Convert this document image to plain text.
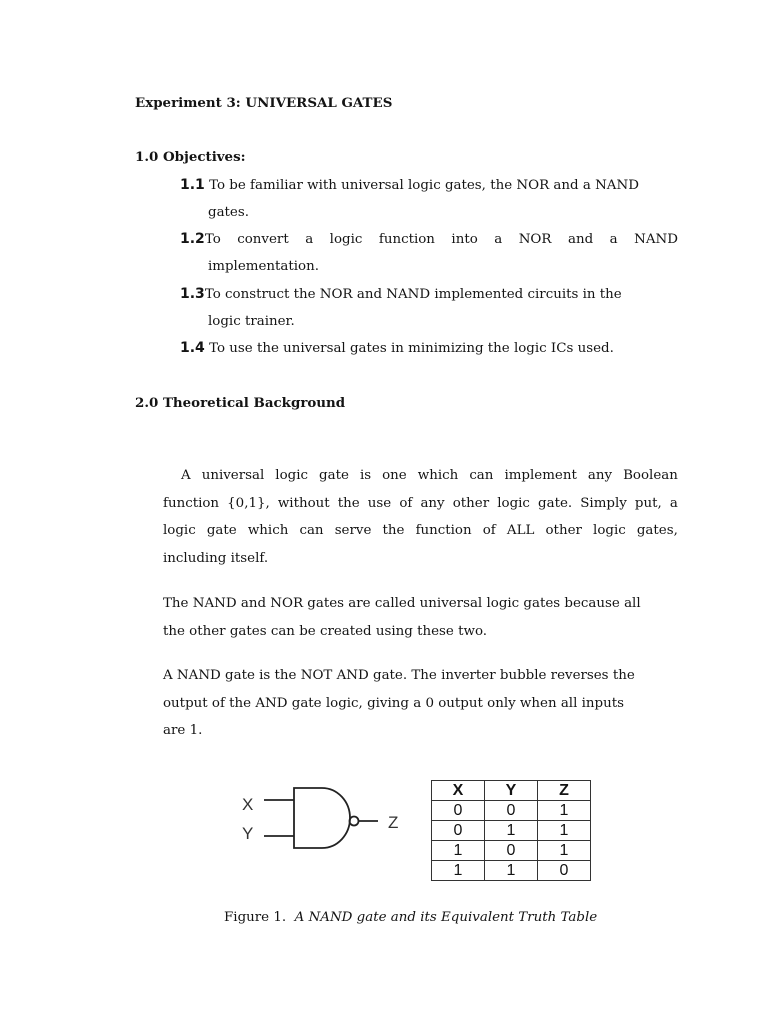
Experiment 3: UNIVERSAL GATES
1.0 Objectives:
1.1 To be familiar with universal logic gates, the NOR and a NAND
gates.
1.2To convert a logic function into a NOR and a NAND
implementation.
1.3To construct the NOR and NAND implemented circuits in the
logic trainer.
1.4 To use the universal gates in minimizing the logic ICs used.
2.0 Theoretical Background
A universal logic gate is one which can implement any Boolean
function {0,1}, without the use of any other logic gate. Simply put, a
logic gate which can serve the function of ALL other logic gates,
including itself.
The NAND and NOR gates are called universal logic gates because all
the other gates can be created using these two.
A NAND gate is the NOT AND gate. The inverter bubble reverses the
output of the AND gate logic, giving a 0 output only when all inputs
are 1.
X
Y
Z
X	Y	Z
0	0	1
0	1	1
1	0	1
1	1	0
Figure 1. A NAND gate and its Equivalent Truth Table
